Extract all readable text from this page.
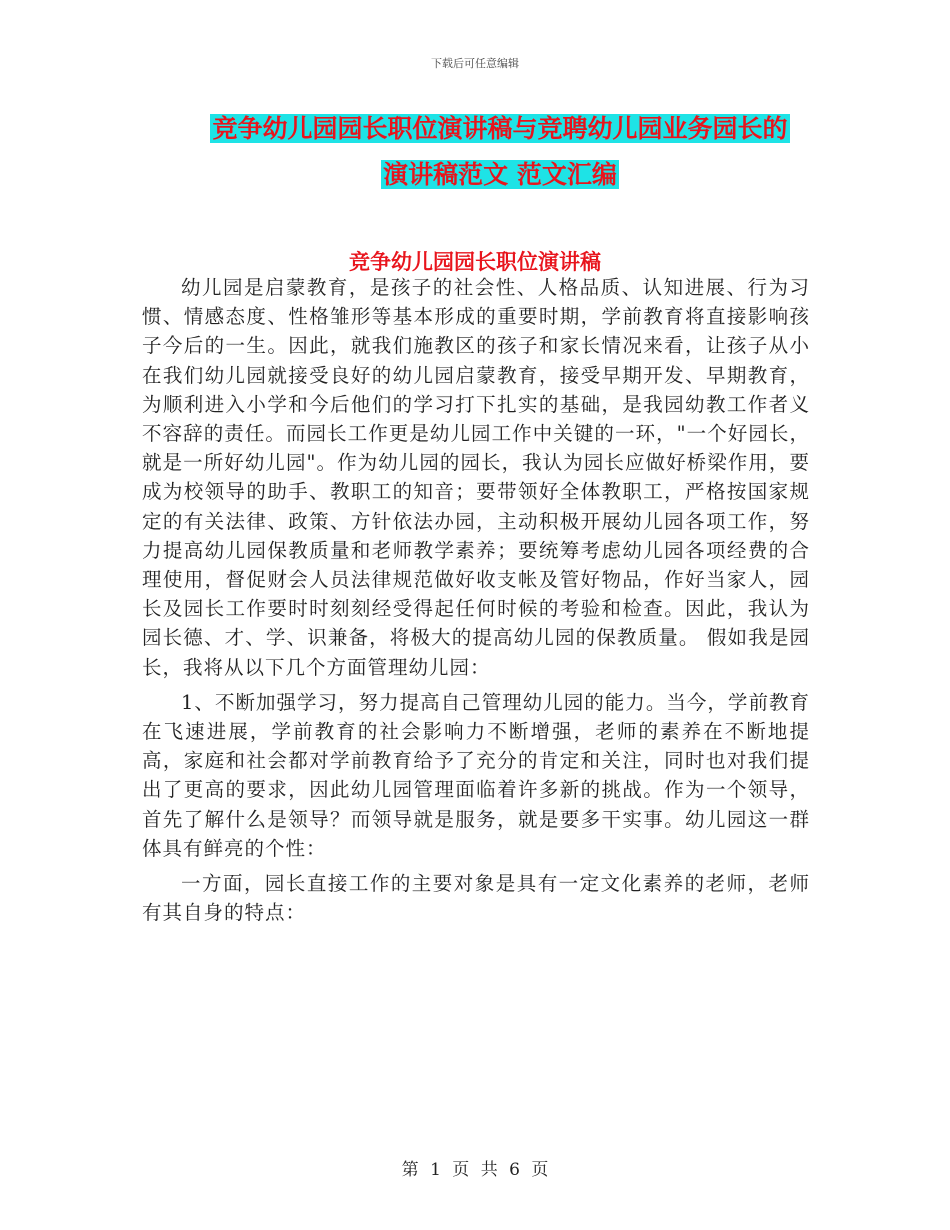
下载后可任意编辑
竞争幼儿园园长职位演讲稿与竞聘幼儿园业务园长的
演讲稿范文 范文汇编
竞争幼儿园园长职位演讲稿

幼儿园是启蒙教育，是孩子的社会性、人格品质、认知进展、行为习惯、情感态度、性格雏形等基本形成的重要时期，学前教育将直接影响孩子今后的一生。因此，就我们施教区的孩子和家长情况来看，让孩子从小在我们幼儿园就接受良好的幼儿园启蒙教育，接受早期开发、早期教育，为顺利进入小学和今后他们的学习打下扎实的基础，是我园幼教工作者义不容辞的责任。而园长工作更是幼儿园工作中关键的一环，"一个好园长，就是一所好幼儿园"。作为幼儿园的园长，我认为园长应做好桥梁作用，要成为校领导的助手、教职工的知音；要带领好全体教职工，严格按国家规定的有关法律、政策、方针依法办园，主动积极开展幼儿园各项工作，努力提高幼儿园保教质量和老师教学素养；要统筹考虑幼儿园各项经费的合理使用，督促财会人员法律规范做好收支帐及管好物品，作好当家人，园长及园长工作要时时刻刻经受得起任何时候的考验和检查。因此，我认为园长德、才、学、识兼备，将极大的提高幼儿园的保教质量。 假如我是园长，我将从以下几个方面管理幼儿园：

1、不断加强学习，努力提高自己管理幼儿园的能力。当今，学前教育在飞速进展，学前教育的社会影响力不断增强，老师的素养在不断地提高，家庭和社会都对学前教育给予了充分的肯定和关注，同时也对我们提出了更高的要求，因此幼儿园管理面临着许多新的挑战。作为一个领导，首先了解什么是领导？而领导就是服务，就是要多干实事。幼儿园这一群体具有鲜亮的个性：

一方面，园长直接工作的主要对象是具有一定文化素养的老师，老师有其自身的特点：

第 1 页 共 6 页
